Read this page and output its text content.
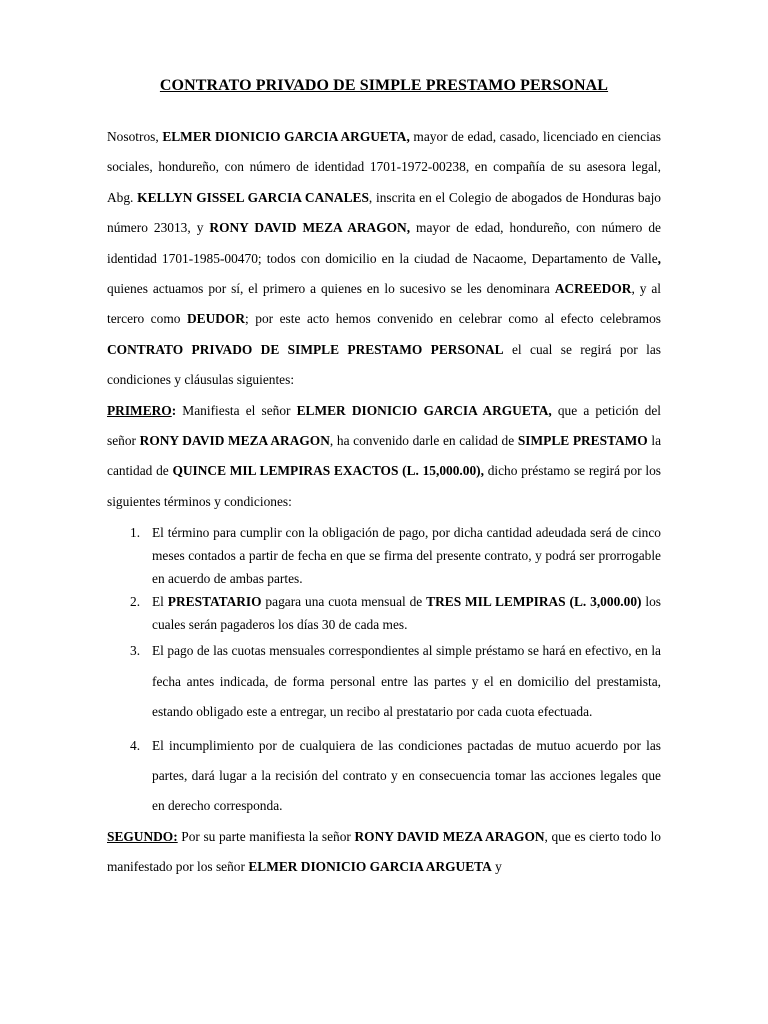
CONTRATO PRIVADO DE SIMPLE PRESTAMO PERSONAL

Nosotros, ELMER DIONICIO GARCIA ARGUETA, mayor de edad, casado, licenciado en ciencias sociales, hondureño, con número de identidad 1701-1972-00238, en compañía de su asesora legal, Abg. KELLYN GISSEL GARCIA CANALES, inscrita en el Colegio de abogados de Honduras bajo número 23013, y RONY DAVID MEZA ARAGON, mayor de edad, hondureño, con número de identidad 1701-1985-00470; todos con domicilio en la ciudad de Nacaome, Departamento de Valle, quienes actuamos por sí, el primero a quienes en lo sucesivo se les denominara ACREEDOR, y al tercero como DEUDOR; por este acto hemos convenido en celebrar como al efecto celebramos CONTRATO PRIVADO DE SIMPLE PRESTAMO PERSONAL el cual se regirá por las condiciones y cláusulas siguientes:

PRIMERO: Manifiesta el señor ELMER DIONICIO GARCIA ARGUETA, que a petición del señor RONY DAVID MEZA ARAGON, ha convenido darle en calidad de SIMPLE PRESTAMO la cantidad de QUINCE MIL LEMPIRAS EXACTOS (L. 15,000.00), dicho préstamo se regirá por los siguientes términos y condiciones:

1. El término para cumplir con la obligación de pago, por dicha cantidad adeudada será de cinco meses contados a partir de fecha en que se firma del presente contrato, y podrá ser prorrogable en acuerdo de ambas partes.
2. El PRESTATARIO pagara una cuota mensual de TRES MIL LEMPIRAS (L. 3,000.00) los cuales serán pagaderos los días 30 de cada mes.
3. El pago de las cuotas mensuales correspondientes al simple préstamo se hará en efectivo, en la fecha antes indicada, de forma personal entre las partes y el en domicilio del prestamista, estando obligado este a entregar, un recibo al prestatario por cada cuota efectuada.
4. El incumplimiento por de cualquiera de las condiciones pactadas de mutuo acuerdo por las partes, dará lugar a la recisión del contrato y en consecuencia tomar las acciones legales que en derecho corresponda.

SEGUNDO: Por su parte manifiesta la señor RONY DAVID MEZA ARAGON, que es cierto todo lo manifestado por los señor ELMER DIONICIO GARCIA ARGUETA y
